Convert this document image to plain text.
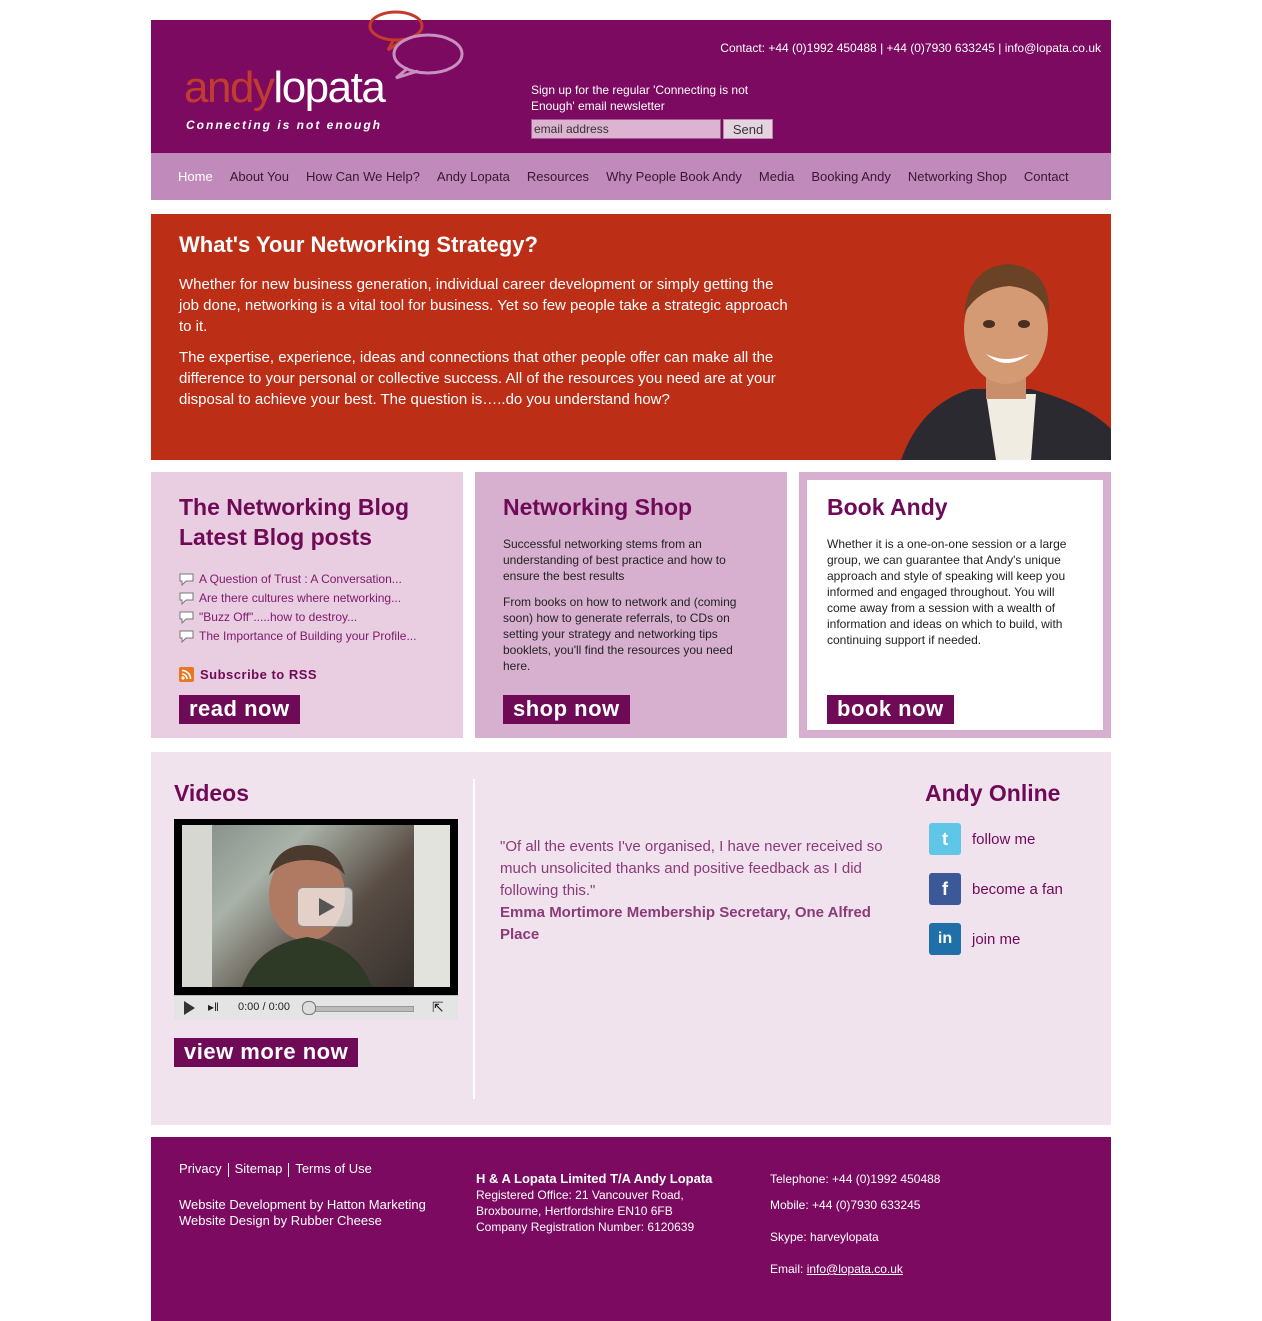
andylopata
Connecting is not enough
Contact: +44 (0)1992 450488 | +44 (0)7930 633245 | info@lopata.co.uk
Sign up for the regular 'Connecting is not Enough' email newsletter
email address
Send
Home About You How Can We Help? Andy Lopata Resources Why People Book Andy Media Booking Andy Networking Shop Contact
What's Your Networking Strategy?

Whether for new business generation, individual career development or simply getting the job done, networking is a vital tool for business. Yet so few people take a strategic approach to it.

The expertise, experience, ideas and connections that other people offer can make all the difference to your personal or collective success. All of the resources you need are at your disposal to achieve your best. The question is…..do you understand how?

The Networking Blog
Latest Blog posts
A Question of Trust : A Conversation...
Are there cultures where networking...
"Buzz Off".....how to destroy...
The Importance of Building your Profile...
Subscribe to RSS
read now
Networking Shop

Successful networking stems from an understanding of best practice and how to ensure the best results

From books on how to network and (coming soon) how to generate referrals, to CDs on setting your strategy and networking tips booklets, you'll find the resources you need here.

shop now
Book Andy

Whether it is a one-on-one session or a large group, we can guarantee that Andy's unique approach and style of speaking will keep you informed and engaged throughout. You will come away from a session with a wealth of information and ideas on which to build, with continuing support if needed.

book now
Videos
▸‖ 0:00 / 0:00	⇱
view more now
"Of all the events I've organised, I have never received so much unsolicited thanks and positive feedback as I did following this."
Emma Mortimore Membership Secretary, One Alfred Place
Andy Online
t	follow me
f	become a fan
in	join me
Privacy Sitemap Terms of Use
Website Development by Hatton Marketing
Website Design by Rubber Cheese
H & A Lopata Limited T/A Andy Lopata
Registered Office: 21 Vancouver Road,
Broxbourne, Hertfordshire EN10 6FB
Company Registration Number: 6120639
Telephone: +44 (0)1992 450488
Mobile: +44 (0)7930 633245
Skype: harveylopata
Email: info@lopata.co.uk
